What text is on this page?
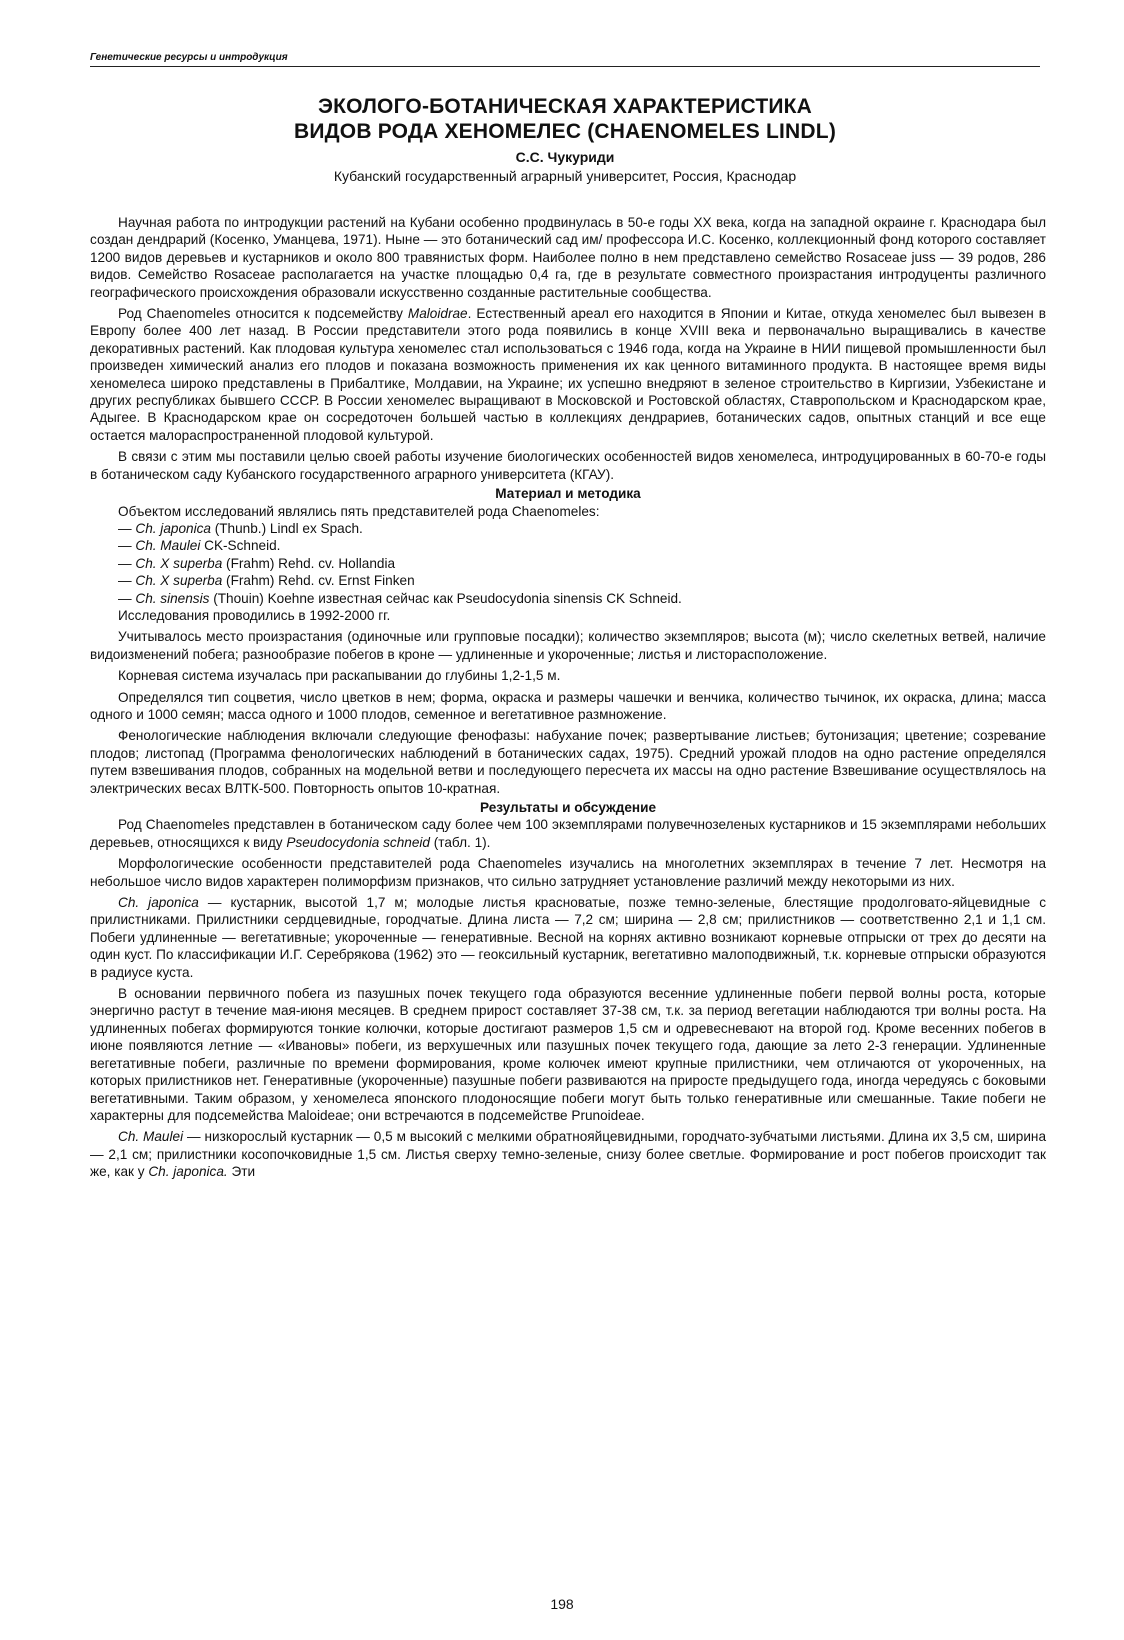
Генетические ресурсы и интродукция
ЭКОЛОГО-БОТАНИЧЕСКАЯ ХАРАКТЕРИСТИКА
ВИДОВ РОДА ХЕНОМЕЛЕС (CHAENOMELES LINDL)
С.С. Чукуриди
Кубанский государственный аграрный университет, Россия, Краснодар

Научная работа по интродукции растений на Кубани особенно продвинулась в 50-е годы XX века, когда на западной окраине г. Краснодара был создан дендрарий (Косенко, Уманцева, 1971). Ныне — это ботанический сад им/ профессора И.С. Косенко, коллекционный фонд которого составляет 1200 видов деревьев и кустарников и около 800 травянистых форм. Наиболее полно в нем представлено семейство Rosaceae juss — 39 родов, 286 видов. Семейство Rosaceae располагается на участке площадью 0,4 га, где в результате совместного произрастания интродуценты различного географического происхождения образовали искусственно созданные растительные сообщества.

Род Chaenomeles относится к подсемейству Maloidrae. Естественный ареал его находится в Японии и Китае, откуда хеномелес был вывезен в Европу более 400 лет назад. В России представители этого рода появились в конце XVIII века и первоначально выращивались в качестве декоративных растений. Как плодовая культура хеномелес стал использоваться с 1946 года, когда на Украине в НИИ пищевой промышленности был произведен химический анализ его плодов и показана возможность применения их как ценного витаминного продукта. В настоящее время виды хеномелеса широко представлены в Прибалтике, Молдавии, на Украине; их успешно внедряют в зеленое строительство в Киргизии, Узбекистане и других республиках бывшего СССР. В России хеномелес выращивают в Московской и Ростовской областях, Ставропольском и Краснодарском крае, Адыгее. В Краснодарском крае он сосредоточен большей частью в коллекциях дендрариев, ботанических садов, опытных станций и все еще остается малораспространенной плодовой культурой.

В связи с этим мы поставили целью своей работы изучение биологических особенностей видов хеномелеса, интродуцированных в 60-70-е годы в ботаническом саду Кубанского государственного аграрного университета (КГАУ).

Материал и методика

Объектом исследований являлись пять представителей рода Chaenomeles:

— Ch. japonica (Thunb.) Lindl ex Spach.

— Ch. Maulei CK-Schneid.

— Ch. X superba (Frahm) Rehd. cv. Hollandia

— Ch. X superba (Frahm) Rehd. cv. Ernst Finken

— Ch. sinensis (Thouin) Koehne известная сейчас как Pseudocydonia sinensis CK Schneid.

Исследования проводились в 1992-2000 гг.

Учитывалось место произрастания (одиночные или групповые посадки); количество экземпляров; высота (м); число скелетных ветвей, наличие видоизменений побега; разнообразие побегов в кроне — удлиненные и укороченные; листья и листорасположение.

Корневая система изучалась при раскапывании до глубины 1,2-1,5 м.

Определялся тип соцветия, число цветков в нем; форма, окраска и размеры чашечки и венчика, количество тычинок, их окраска, длина; масса одного и 1000 семян; масса одного и 1000 плодов, семенное и вегетативное размножение.

Фенологические наблюдения включали следующие фенофазы: набухание почек; развертывание листьев; бутонизация; цветение; созревание плодов; листопад (Программа фенологических наблюдений в ботанических садах, 1975). Средний урожай плодов на одно растение определялся путем взвешивания плодов, собранных на модельной ветви и последующего пересчета их массы на одно растение Взвешивание осуществлялось на электрических весах ВЛТК-500. Повторность опытов 10-кратная.

Результаты и обсуждение

Род Chaenomeles представлен в ботаническом саду более чем 100 экземплярами полувечнозеленых кустарников и 15 экземплярами небольших деревьев, относящихся к виду Pseudocydonia schneid (табл. 1).

Морфологические особенности представителей рода Chaenomeles изучались на многолетних экземплярах в течение 7 лет. Несмотря на небольшое число видов характерен полиморфизм признаков, что сильно затрудняет установление различий между некоторыми из них.

Ch. japonica — кустарник, высотой 1,7 м; молодые листья красноватые, позже темно-зеленые, блестящие продолговато-яйцевидные с прилистниками. Прилистники сердцевидные, городчатые. Длина листа — 7,2 см; ширина — 2,8 см; прилистников — соответственно 2,1 и 1,1 см. Побеги удлиненные — вегетативные; укороченные — генеративные. Весной на корнях активно возникают корневые отпрыски от трех до десяти на один куст. По классификации И.Г. Серебрякова (1962) это — геоксильный кустарник, вегетативно малоподвижный, т.к. корневые отпрыски образуются в радиусе куста.

В основании первичного побега из пазушных почек текущего года образуются весенние удлиненные побеги первой волны роста, которые энергично растут в течение мая-июня месяцев. В среднем прирост составляет 37-38 см, т.к. за период вегетации наблюдаются три волны роста. На удлиненных побегах формируются тонкие колючки, которые достигают размеров 1,5 см и одревесневают на второй год. Кроме весенних побегов в июне появляются летние — «Ивановы» побеги, из верхушечных или пазушных почек текущего года, дающие за лето 2-3 генерации. Удлиненные вегетативные побеги, различные по времени формирования, кроме колючек имеют крупные прилистники, чем отличаются от укороченных, на которых прилистников нет. Генеративные (укороченные) пазушные побеги развиваются на приросте предыдущего года, иногда чередуясь с боковыми вегетативными. Таким образом, у хеномелеса японского плодоносящие побеги могут быть только генеративные или смешанные. Такие побеги не характерны для подсемейства Maloideae; они встречаются в подсемействе Prunoideae.

Ch. Maulei — низкорослый кустарник — 0,5 м высокий с мелкими обратнояйцевидными, городчато-зубчатыми листьями. Длина их 3,5 см, ширина — 2,1 см; прилистники косопочковидные 1,5 см. Листья сверху темно-зеленые, снизу более светлые. Формирование и рост побегов происходит так же, как у Ch. japonica. Эти

198
